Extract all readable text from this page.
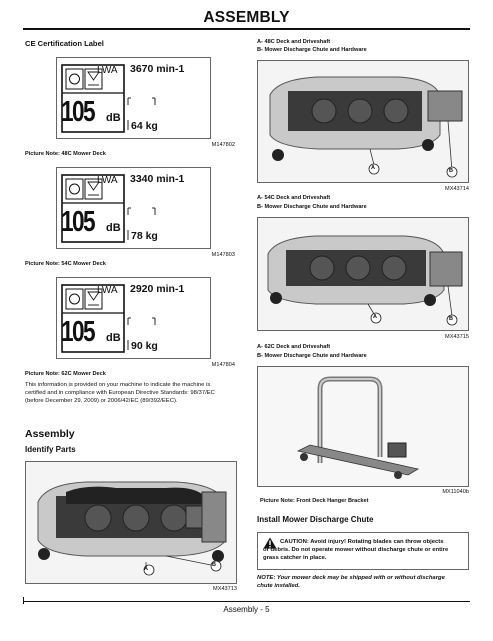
ASSEMBLY
CE Certification Label
LWA 3670 min-1
105 dB
64 kg
M147802
Picture Note: 48C Mower Deck
LWA 3340 min-1
105 dB
78 kg
M147803
Picture Note: 54C Mower Deck
LWA 2920 min-1
105 dB
90 kg
M147804
Picture Note: 62C Mower Deck
This information is provided on your machine to indicate the machine is
certified and in compliance with European Directive Standards: 98/37/EC
(before December 29, 2009) or 2006/42/EC (89/392/EEC).
Assembly
Identify Parts
A
B
MX43713
A- 48C Deck and Driveshaft
B- Mower Discharge Chute and Hardware
A	B
MX43714
A- 54C Deck and Driveshaft
B- Mower Discharge Chute and Hardware
A	B
MX43715
A- 62C Deck and Driveshaft
B- Mower Discharge Chute and Hardware
MX11040b
Picture Note: Front Deck Hanger Bracket
Install Mower Discharge Chute
CAUTION: Avoid injury! Rotating blades can throw objects
or debris. Do not operate mower without discharge chute or entire
grass catcher in place.
NOTE: Your mower deck may be shipped with or without discharge
chute installed.
Assembly - 5
